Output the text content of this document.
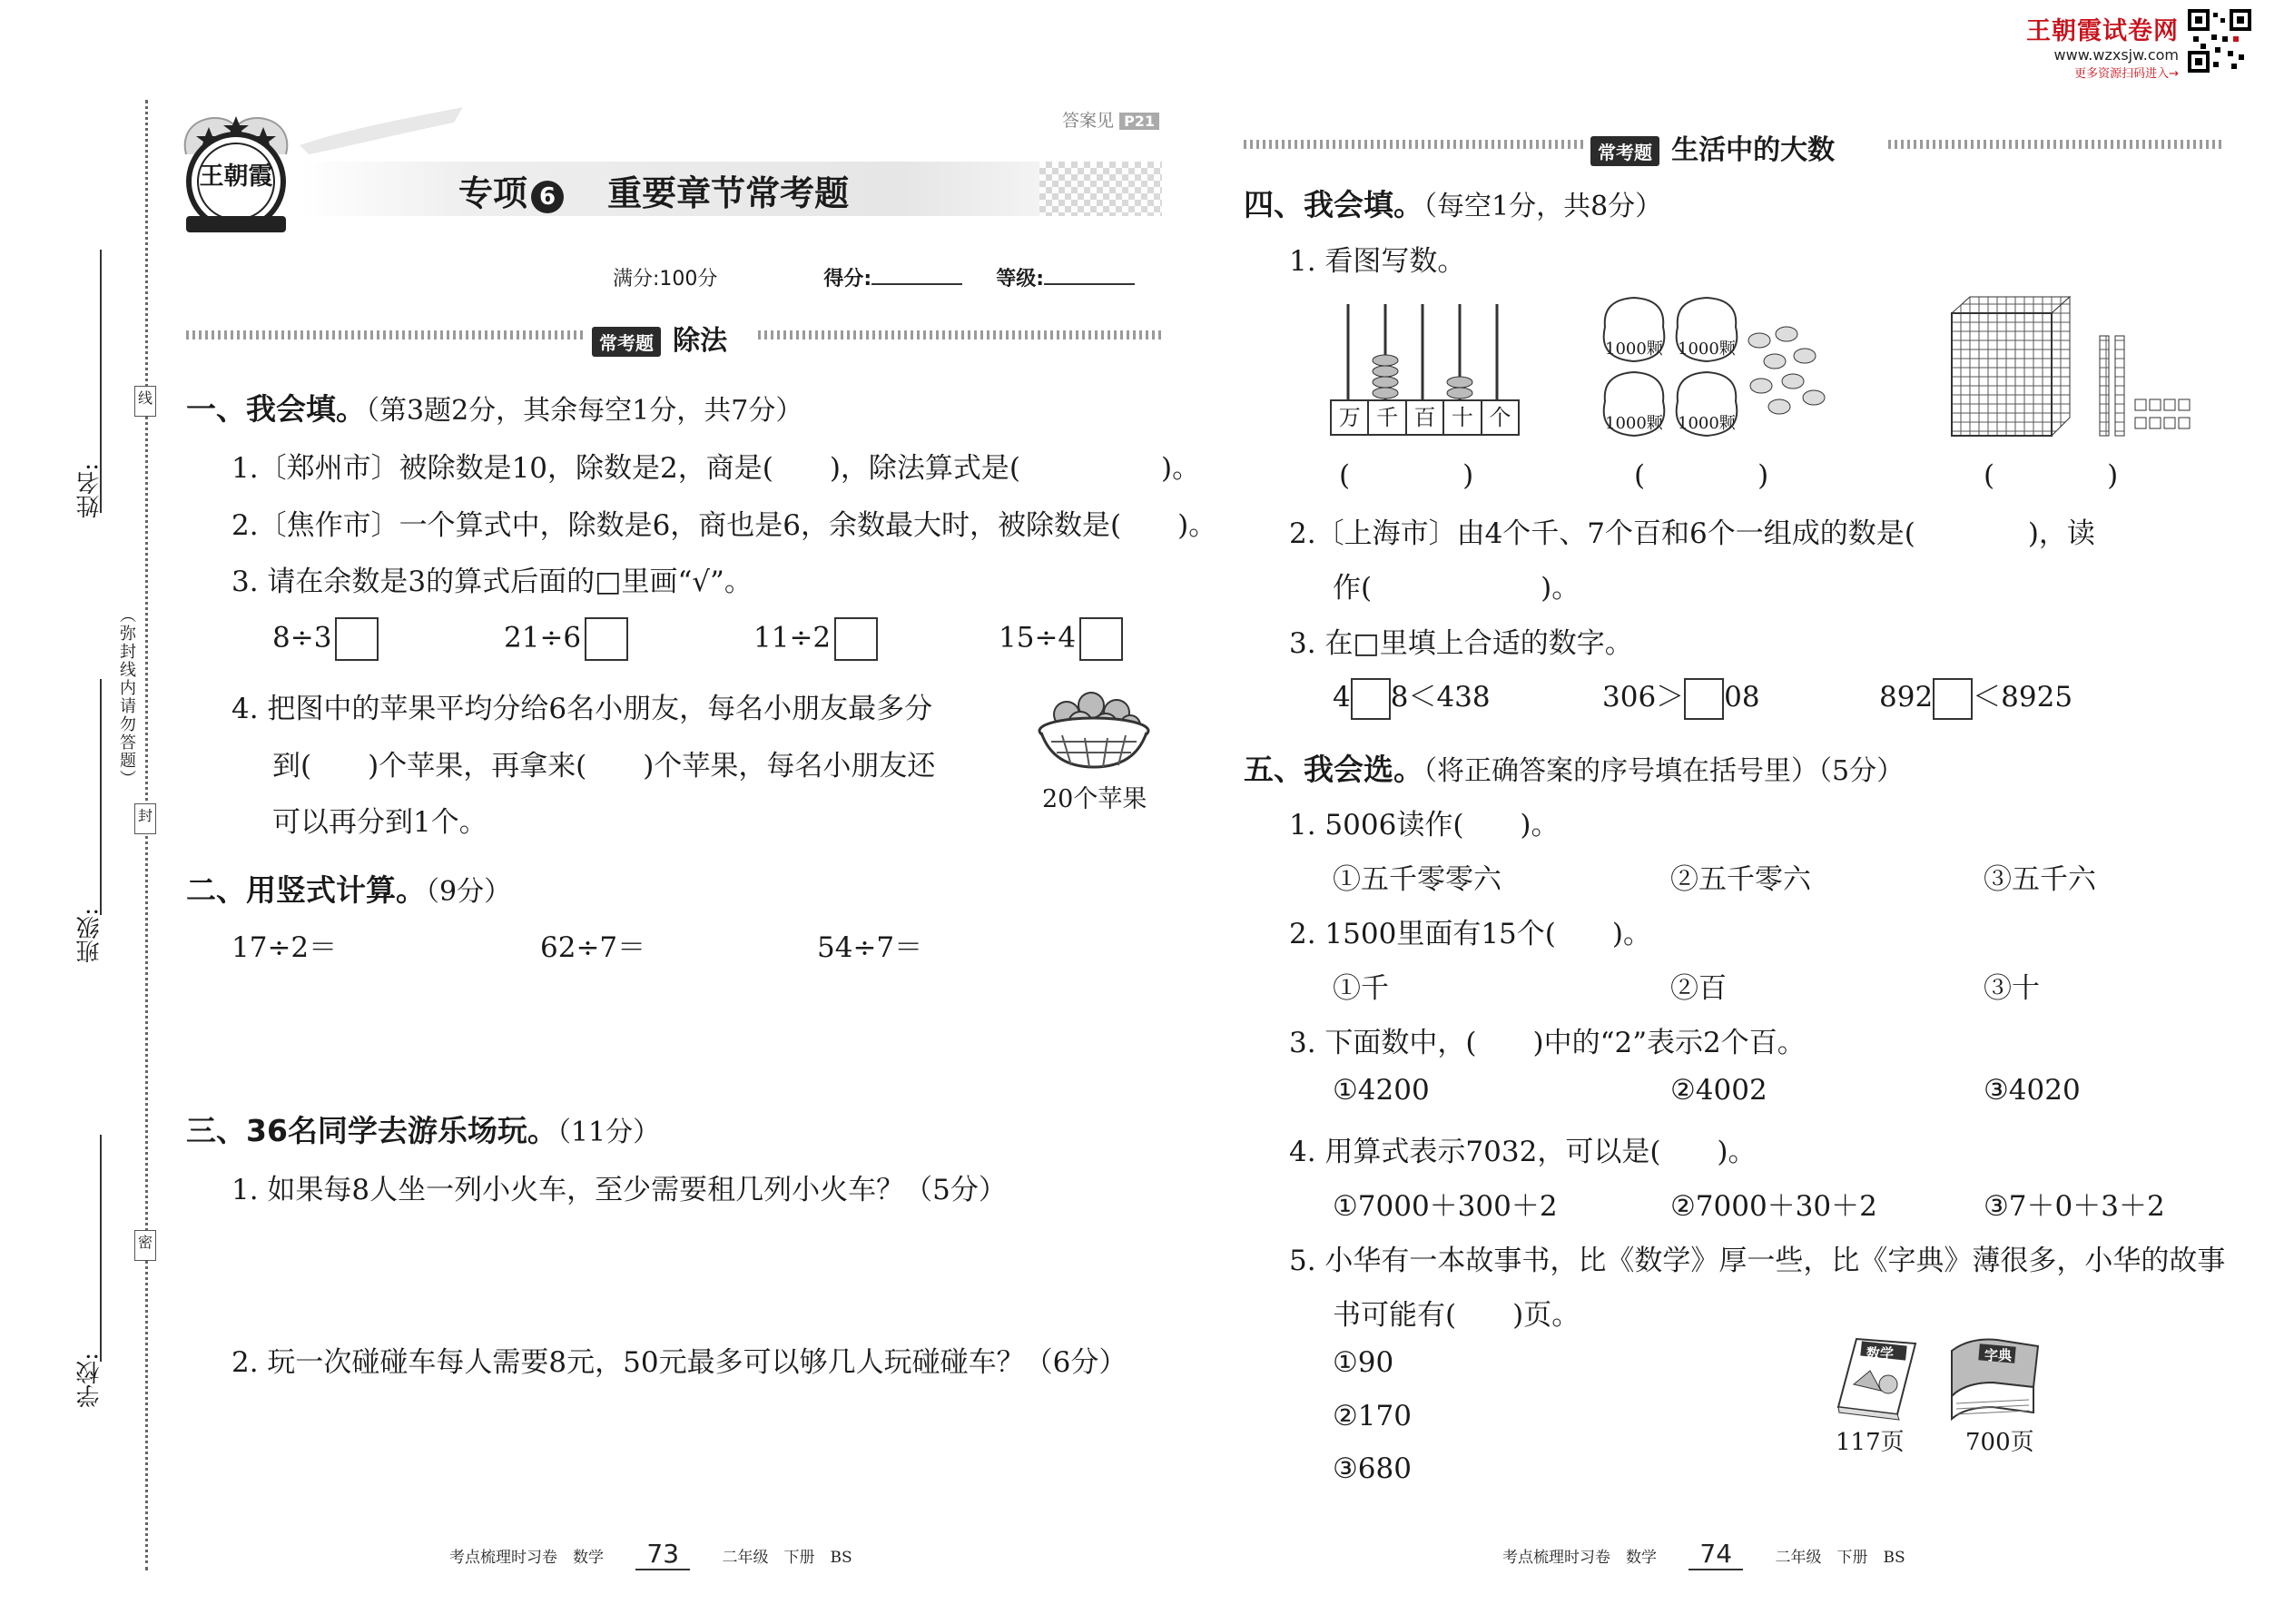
王朝霞试卷网
www.wzxsjw.com
更多资源扫码进入→
线
封
密
（弥封线内请勿答题）
姓名:
班级:
学校:
王朝霞
答案见 P21
专项 6 重要章节常考题
满分:100分	得分:	等级:
常考题 除法
一、我会填。（第3题2分，其余每空1分，共7分）
1.〔郑州市〕被除数是10，除数是2，商是(　　)，除法算式是(　　　　　)。
2.〔焦作市〕一个算式中，除数是6，商也是6，余数最大时，被除数是(　　)。
3. 请在余数是3的算式后面的□里画“√”。
8÷3	21÷6	11÷2	15÷4
4. 把图中的苹果平均分给6名小朋友，每名小朋友最多分
到(　　)个苹果，再拿来(　　)个苹果，每名小朋友还
可以再分到1个。
20个苹果
二、用竖式计算。（9分）
17÷2＝	62÷7＝	54÷7＝
三、36名同学去游乐场玩。（11分）
1. 如果每8人坐一列小火车，至少需要租几列小火车？（5分）
2. 玩一次碰碰车每人需要8元，50元最多可以够几人玩碰碰车？（6分）
考点梳理时习卷　数学 73	二年级　下册　BS
常考题 生活中的大数
四、我会填。（每空1分，共8分）
1. 看图写数。
万 千 百 十 个
1000颗 1000颗
1000颗 1000颗
(　　　　)	(　　　　)	(　　　　)
2.〔上海市〕由4个千、7个百和6个一组成的数是(　　　　)，读
作(　　　　　　)。
3. 在□里填上合适的数字。
4 8＜438	306＞ 08	892 ＜8925
五、我会选。（将正确答案的序号填在括号里）（5分）
1. 5006读作(　　)。
①五千零零六	②五千零六	③五千六
2. 1500里面有15个(　　)。
①千	②百	③十
3. 下面数中，(　　)中的“2”表示2个百。
①4200	②4002	③4020
4. 用算式表示7032，可以是(　　)。
①7000＋300＋2	②7000＋30＋2	③7＋0＋3＋2
5. 小华有一本故事书，比《数学》厚一些，比《字典》薄很多，小华的故事
书可能有(　　)页。
①90
②170
③680
数学	字典
117页	700页
考点梳理时习卷　数学 74	二年级　下册　BS
